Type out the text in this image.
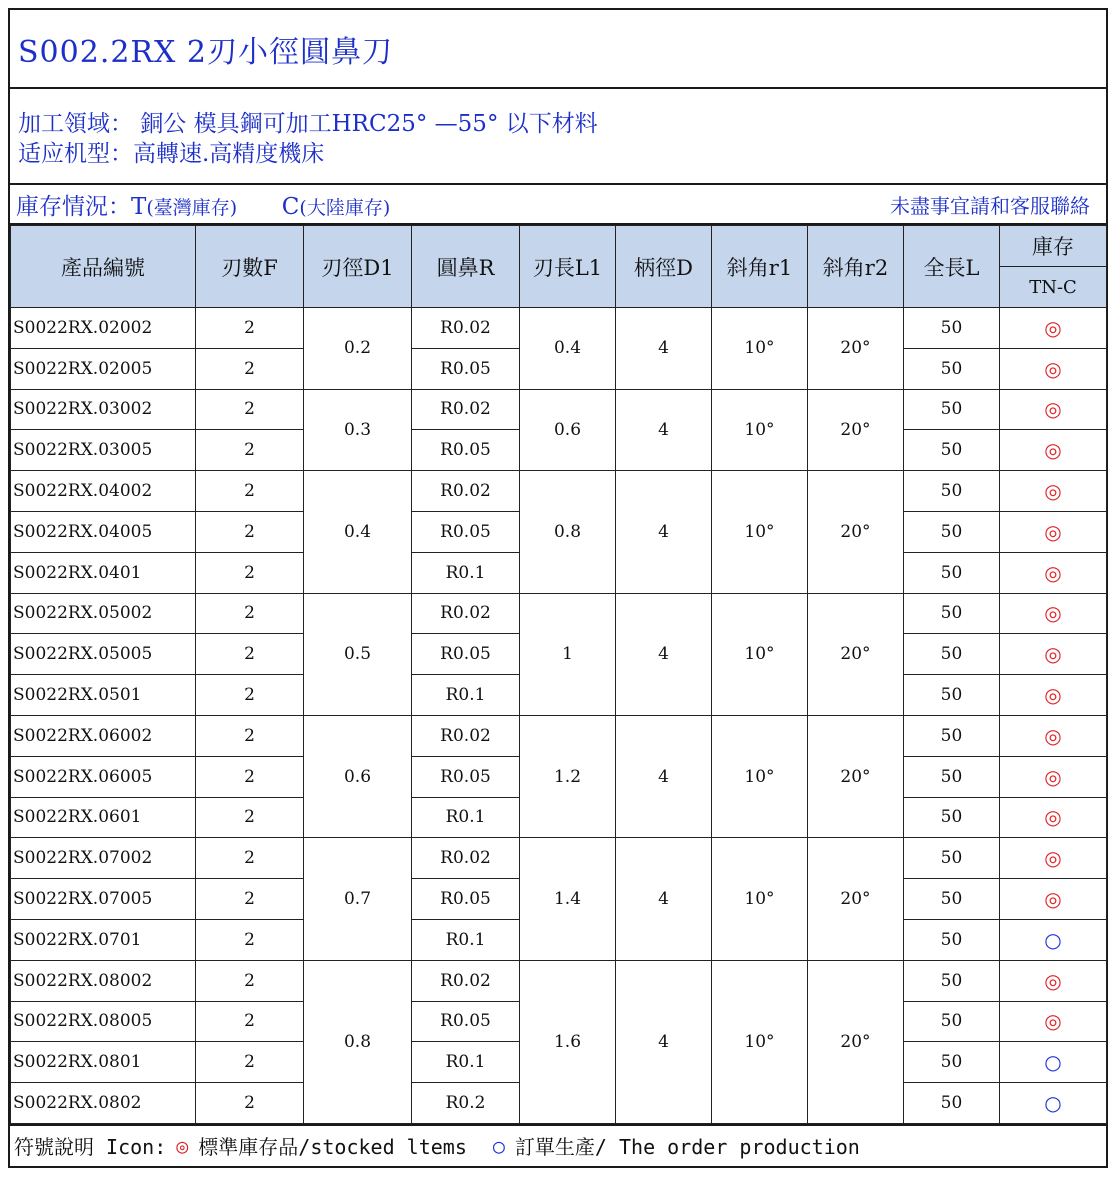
S002.2RX 2刃小徑圓鼻刀
加工領域： 銅公 模具鋼可加工HRC25° —55° 以下材料
适应机型：高轉速.高精度機床
庫存情況：T(臺灣庫存) C(大陸庫存)	未盡事宜請和客服聯絡
產品編號	刃數F	刃徑D1	圓鼻R	刃長L1	柄徑D	斜角r1	斜角r2	全長L	庫存
									TN-C
S0022RX.02002	2	0.2	R0.02	0.4	4	10°	20°	50	◎
S0022RX.02005	2		R0.05					50	◎
S0022RX.03002	2	0.3	R0.02	0.6	4	10°	20°	50	◎
S0022RX.03005	2		R0.05					50	◎
S0022RX.04002	2	0.4	R0.02	0.8	4	10°	20°	50	◎
S0022RX.04005	2		R0.05					50	◎
S0022RX.0401	2		R0.1					50	◎
S0022RX.05002	2	0.5	R0.02	1	4	10°	20°	50	◎
S0022RX.05005	2		R0.05					50	◎
S0022RX.0501	2		R0.1					50	◎
S0022RX.06002	2	0.6	R0.02	1.2	4	10°	20°	50	◎
S0022RX.06005	2		R0.05					50	◎
S0022RX.0601	2		R0.1					50	◎
S0022RX.07002	2	0.7	R0.02	1.4	4	10°	20°	50	◎
S0022RX.07005	2		R0.05					50	◎
S0022RX.0701	2		R0.1					50	○
S0022RX.08002	2	0.8	R0.02	1.6	4	10°	20°	50	◎
S0022RX.08005	2		R0.05					50	◎
S0022RX.0801	2		R0.1					50	○
S0022RX.0802	2		R0.2					50	○
符號說明 Icon: ◎ 標準庫存品/stocked ltems ○ 訂單生產/ The order production
